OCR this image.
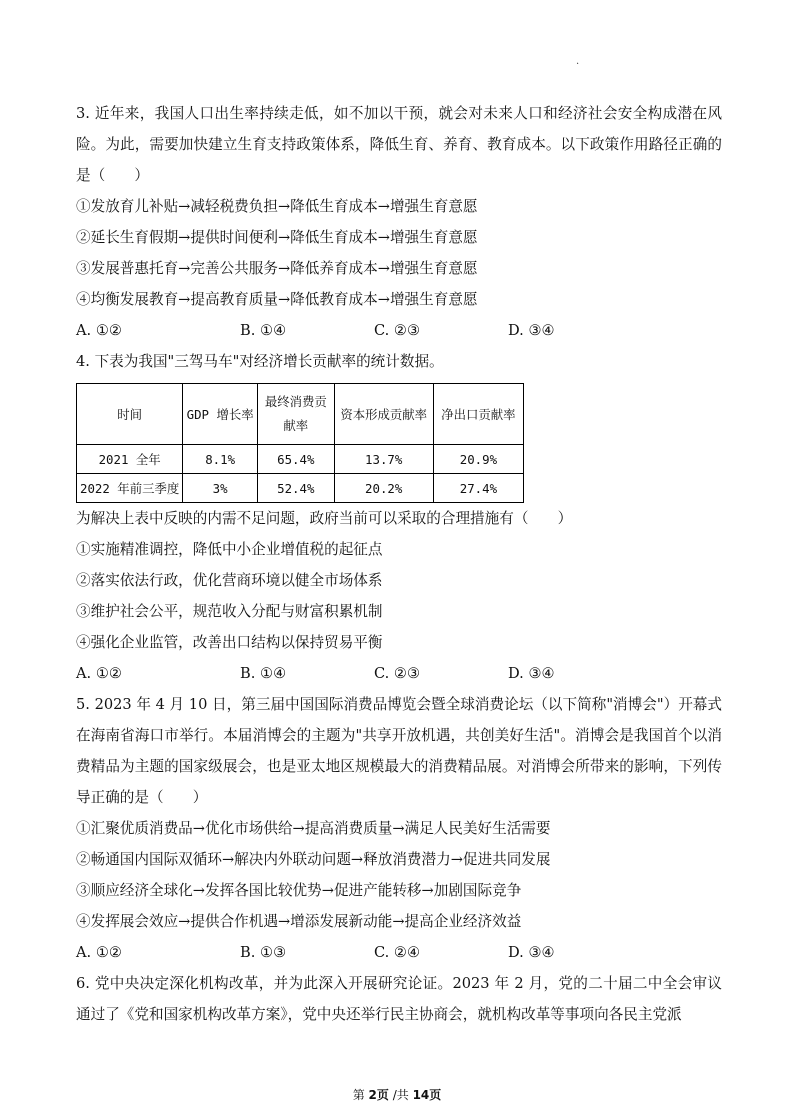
.

3. 近年来，我国人口出生率持续走低，如不加以干预，就会对未来人口和经济社会安全构成潜在风险。为此，需要加快建立生育支持政策体系，降低生育、养育、教育成本。以下政策作用路径正确的是（　　）

①发放育儿补贴→减轻税费负担→降低生育成本→增强生育意愿
②延长生育假期→提供时间便利→降低生育成本→增强生育意愿
③发展普惠托育→完善公共服务→降低养育成本→增强生育意愿
④均衡发展教育→提高教育质量→降低教育成本→增强生育意愿
A. ①②	B. ①④	C. ②③	D. ③④
4. 下表为我国"三驾马车"对经济增长贡献率的统计数据。
时间	GDP 增长率	最终消费贡献率	资本形成贡献率	净出口贡献率
2021 全年	8.1%	65.4%	13.7%	20.9%
2022 年前三季度	3%	52.4%	20.2%	27.4%
为解决上表中反映的内需不足问题，政府当前可以采取的合理措施有（　　）
①实施精准调控，降低中小企业增值税的起征点
②落实依法行政，优化营商环境以健全市场体系
③维护社会公平，规范收入分配与财富积累机制
④强化企业监管，改善出口结构以保持贸易平衡
A. ①②	B. ①④	C. ②③	D. ③④

5. 2023 年 4 月 10 日，第三届中国国际消费品博览会暨全球消费论坛（以下简称"消博会"）开幕式在海南省海口市举行。本届消博会的主题为"共享开放机遇，共创美好生活"。消博会是我国首个以消费精品为主题的国家级展会，也是亚太地区规模最大的消费精品展。对消博会所带来的影响，下列传导正确的是（　　）

①汇聚优质消费品→优化市场供给→提高消费质量→满足人民美好生活需要
②畅通国内国际双循环→解决内外联动问题→释放消费潜力→促进共同发展
③顺应经济全球化→发挥各国比较优势→促进产能转移→加剧国际竞争
④发挥展会效应→提供合作机遇→增添发展新动能→提高企业经济效益
A. ①②	B. ①③	C. ②④	D. ③④

6. 党中央决定深化机构改革，并为此深入开展研究论证。2023 年 2 月，党的二十届二中全会审议通过了《党和国家机构改革方案》，党中央还举行民主协商会，就机构改革等事项向各民主党派

第 2页 /共 14页
